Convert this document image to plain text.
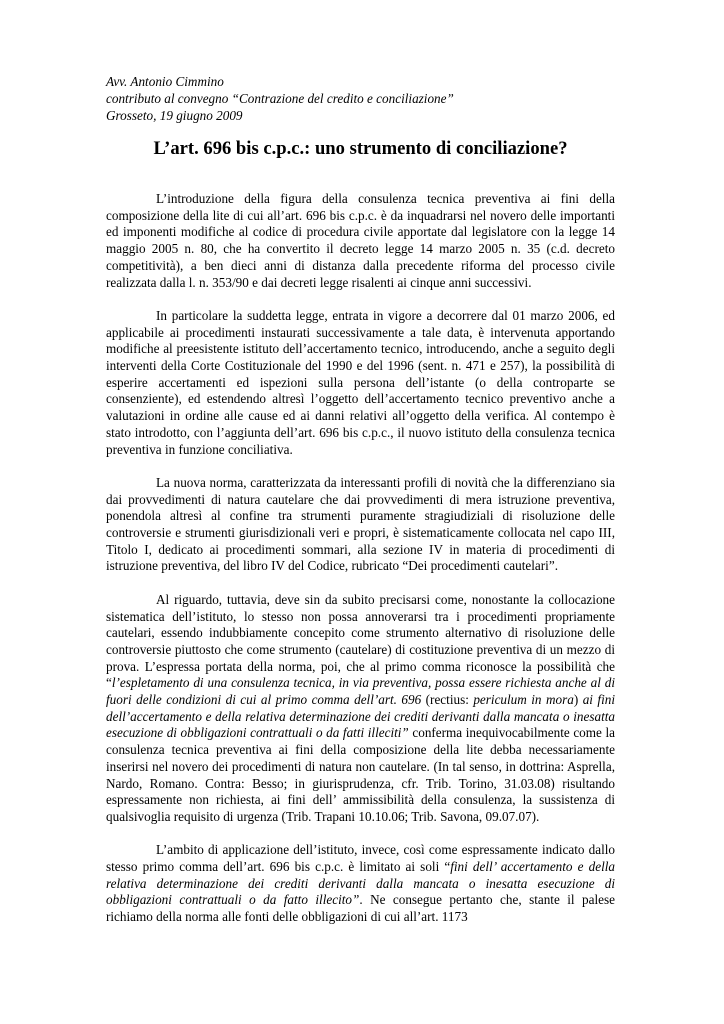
Avv. Antonio Cimmino
contributo al convegno “Contrazione del credito e conciliazione”
Grosseto, 19 giugno 2009
L’art. 696 bis c.p.c.: uno strumento di conciliazione?

L’introduzione della figura della consulenza tecnica preventiva ai fini della composizione della lite di cui all’art. 696 bis c.p.c. è da inquadrarsi nel novero delle importanti ed imponenti modifiche al codice di procedura civile apportate dal legislatore con la legge 14 maggio 2005 n. 80, che ha convertito il decreto legge 14 marzo 2005 n. 35 (c.d. decreto competitività), a ben dieci anni di distanza dalla precedente riforma del processo civile realizzata dalla l. n. 353/90 e dai decreti legge risalenti ai cinque anni successivi.

In particolare la suddetta legge, entrata in vigore a decorrere dal 01 marzo 2006, ed applicabile ai procedimenti instaurati successivamente a tale data, è intervenuta apportando modifiche al preesistente istituto dell’accertamento tecnico, introducendo, anche a seguito degli interventi della Corte Costituzionale del 1990 e del 1996 (sent. n. 471 e 257), la possibilità di esperire accertamenti ed ispezioni sulla persona dell’istante (o della controparte se consenziente), ed estendendo altresì l’oggetto dell’accertamento tecnico preventivo anche a valutazioni in ordine alle cause ed ai danni relativi all’oggetto della verifica. Al contempo è stato introdotto, con l’aggiunta dell’art. 696 bis c.p.c., il nuovo istituto della consulenza tecnica preventiva in funzione conciliativa.

La nuova norma, caratterizzata da interessanti profili di novità che la differenziano sia dai provvedimenti di natura cautelare che dai provvedimenti di mera istruzione preventiva, ponendola altresì al confine tra strumenti puramente stragiudiziali di risoluzione delle controversie e strumenti giurisdizionali veri e propri, è sistematicamente collocata nel capo III, Titolo I, dedicato ai procedimenti sommari, alla sezione IV in materia di procedimenti di istruzione preventiva, del libro IV del Codice, rubricato “Dei procedimenti cautelari”.

Al riguardo, tuttavia, deve sin da subito precisarsi come, nonostante la collocazione sistematica dell’istituto, lo stesso non possa annoverarsi tra i procedimenti propriamente cautelari, essendo indubbiamente concepito come strumento alternativo di risoluzione delle controversie piuttosto che come strumento (cautelare) di costituzione preventiva di un mezzo di prova. L’espressa portata della norma, poi, che al primo comma riconosce la possibilità che “l’espletamento di una consulenza tecnica, in via preventiva, possa essere richiesta anche al di fuori delle condizioni di cui al primo comma dell’art. 696 (rectius: periculum in mora) ai fini dell’accertamento e della relativa determinazione dei crediti derivanti dalla mancata o inesatta esecuzione di obbligazioni contrattuali o da fatti illeciti” conferma inequivocabilmente come la consulenza tecnica preventiva ai fini della composizione della lite debba necessariamente inserirsi nel novero dei procedimenti di natura non cautelare. (In tal senso, in dottrina: Asprella, Nardo, Romano. Contra: Besso; in giurisprudenza, cfr. Trib. Torino, 31.03.08) risultando espressamente non richiesta, ai fini dell’ ammissibilità della consulenza, la sussistenza di qualsivoglia requisito di urgenza (Trib. Trapani 10.10.06; Trib. Savona, 09.07.07).

L’ambito di applicazione dell’istituto, invece, così come espressamente indicato dallo stesso primo comma dell’art. 696 bis c.p.c. è limitato ai soli “fini dell’ accertamento e della relativa determinazione dei crediti derivanti dalla mancata o inesatta esecuzione di obbligazioni contrattuali o da fatto illecito”. Ne consegue pertanto che, stante il palese richiamo della norma alle fonti delle obbligazioni di cui all’art. 1173
